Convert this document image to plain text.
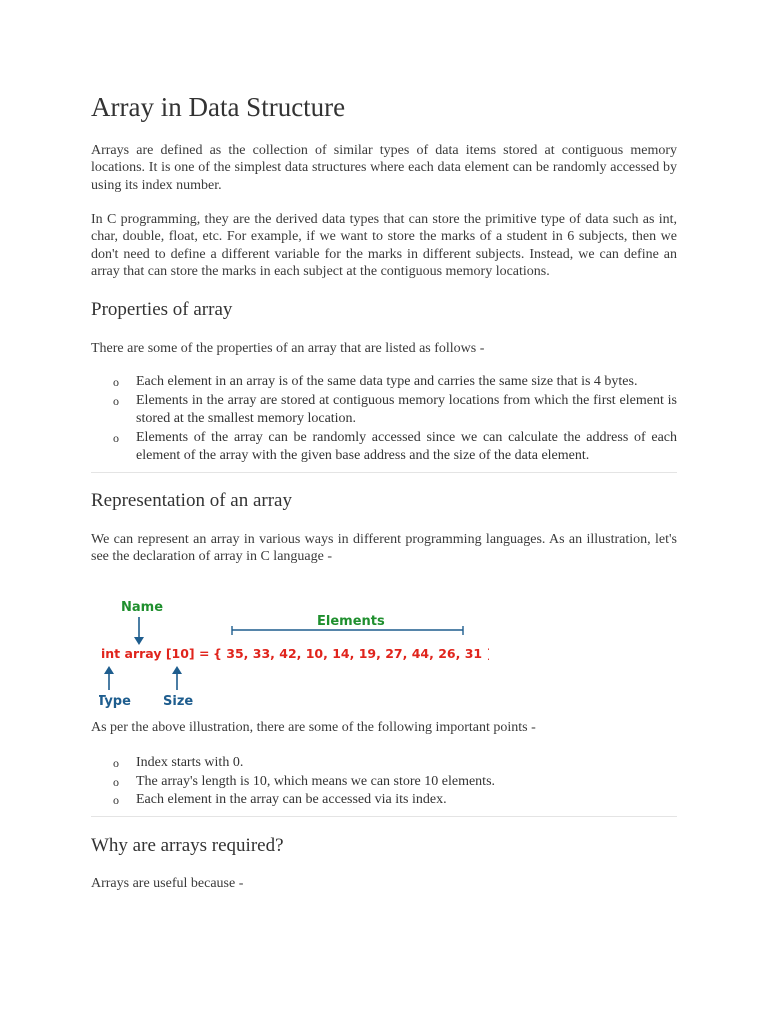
Array in Data Structure

Arrays are defined as the collection of similar types of data items stored at contiguous memory locations. It is one of the simplest data structures where each data element can be randomly accessed by using its index number.

In C programming, they are the derived data types that can store the primitive type of data such as int, char, double, float, etc. For example, if we want to store the marks of a student in 6 subjects, then we don't need to define a different variable for the marks in different subjects. Instead, we can define an array that can store the marks in each subject at the contiguous memory locations.

Properties of array

There are some of the properties of an array that are listed as follows -

o Each element in an array is of the same data type and carries the same size that is 4 bytes.
o Elements in the array are stored at contiguous memory locations from which the first element is stored at the smallest memory location.
o Elements of the array can be randomly accessed since we can calculate the address of each element of the array with the given base address and the size of the data element.
Representation of an array

We can represent an array in various ways in different programming languages. As an illustration, let's see the declaration of array in C language -

Name
Elements
int array [10] = { 35, 33, 42, 10, 14, 19, 27, 44, 26, 31 }
Type Size

As per the above illustration, there are some of the following important points -

o Index starts with 0.
o The array's length is 10, which means we can store 10 elements.
o Each element in the array can be accessed via its index.
Why are arrays required?

Arrays are useful because -
